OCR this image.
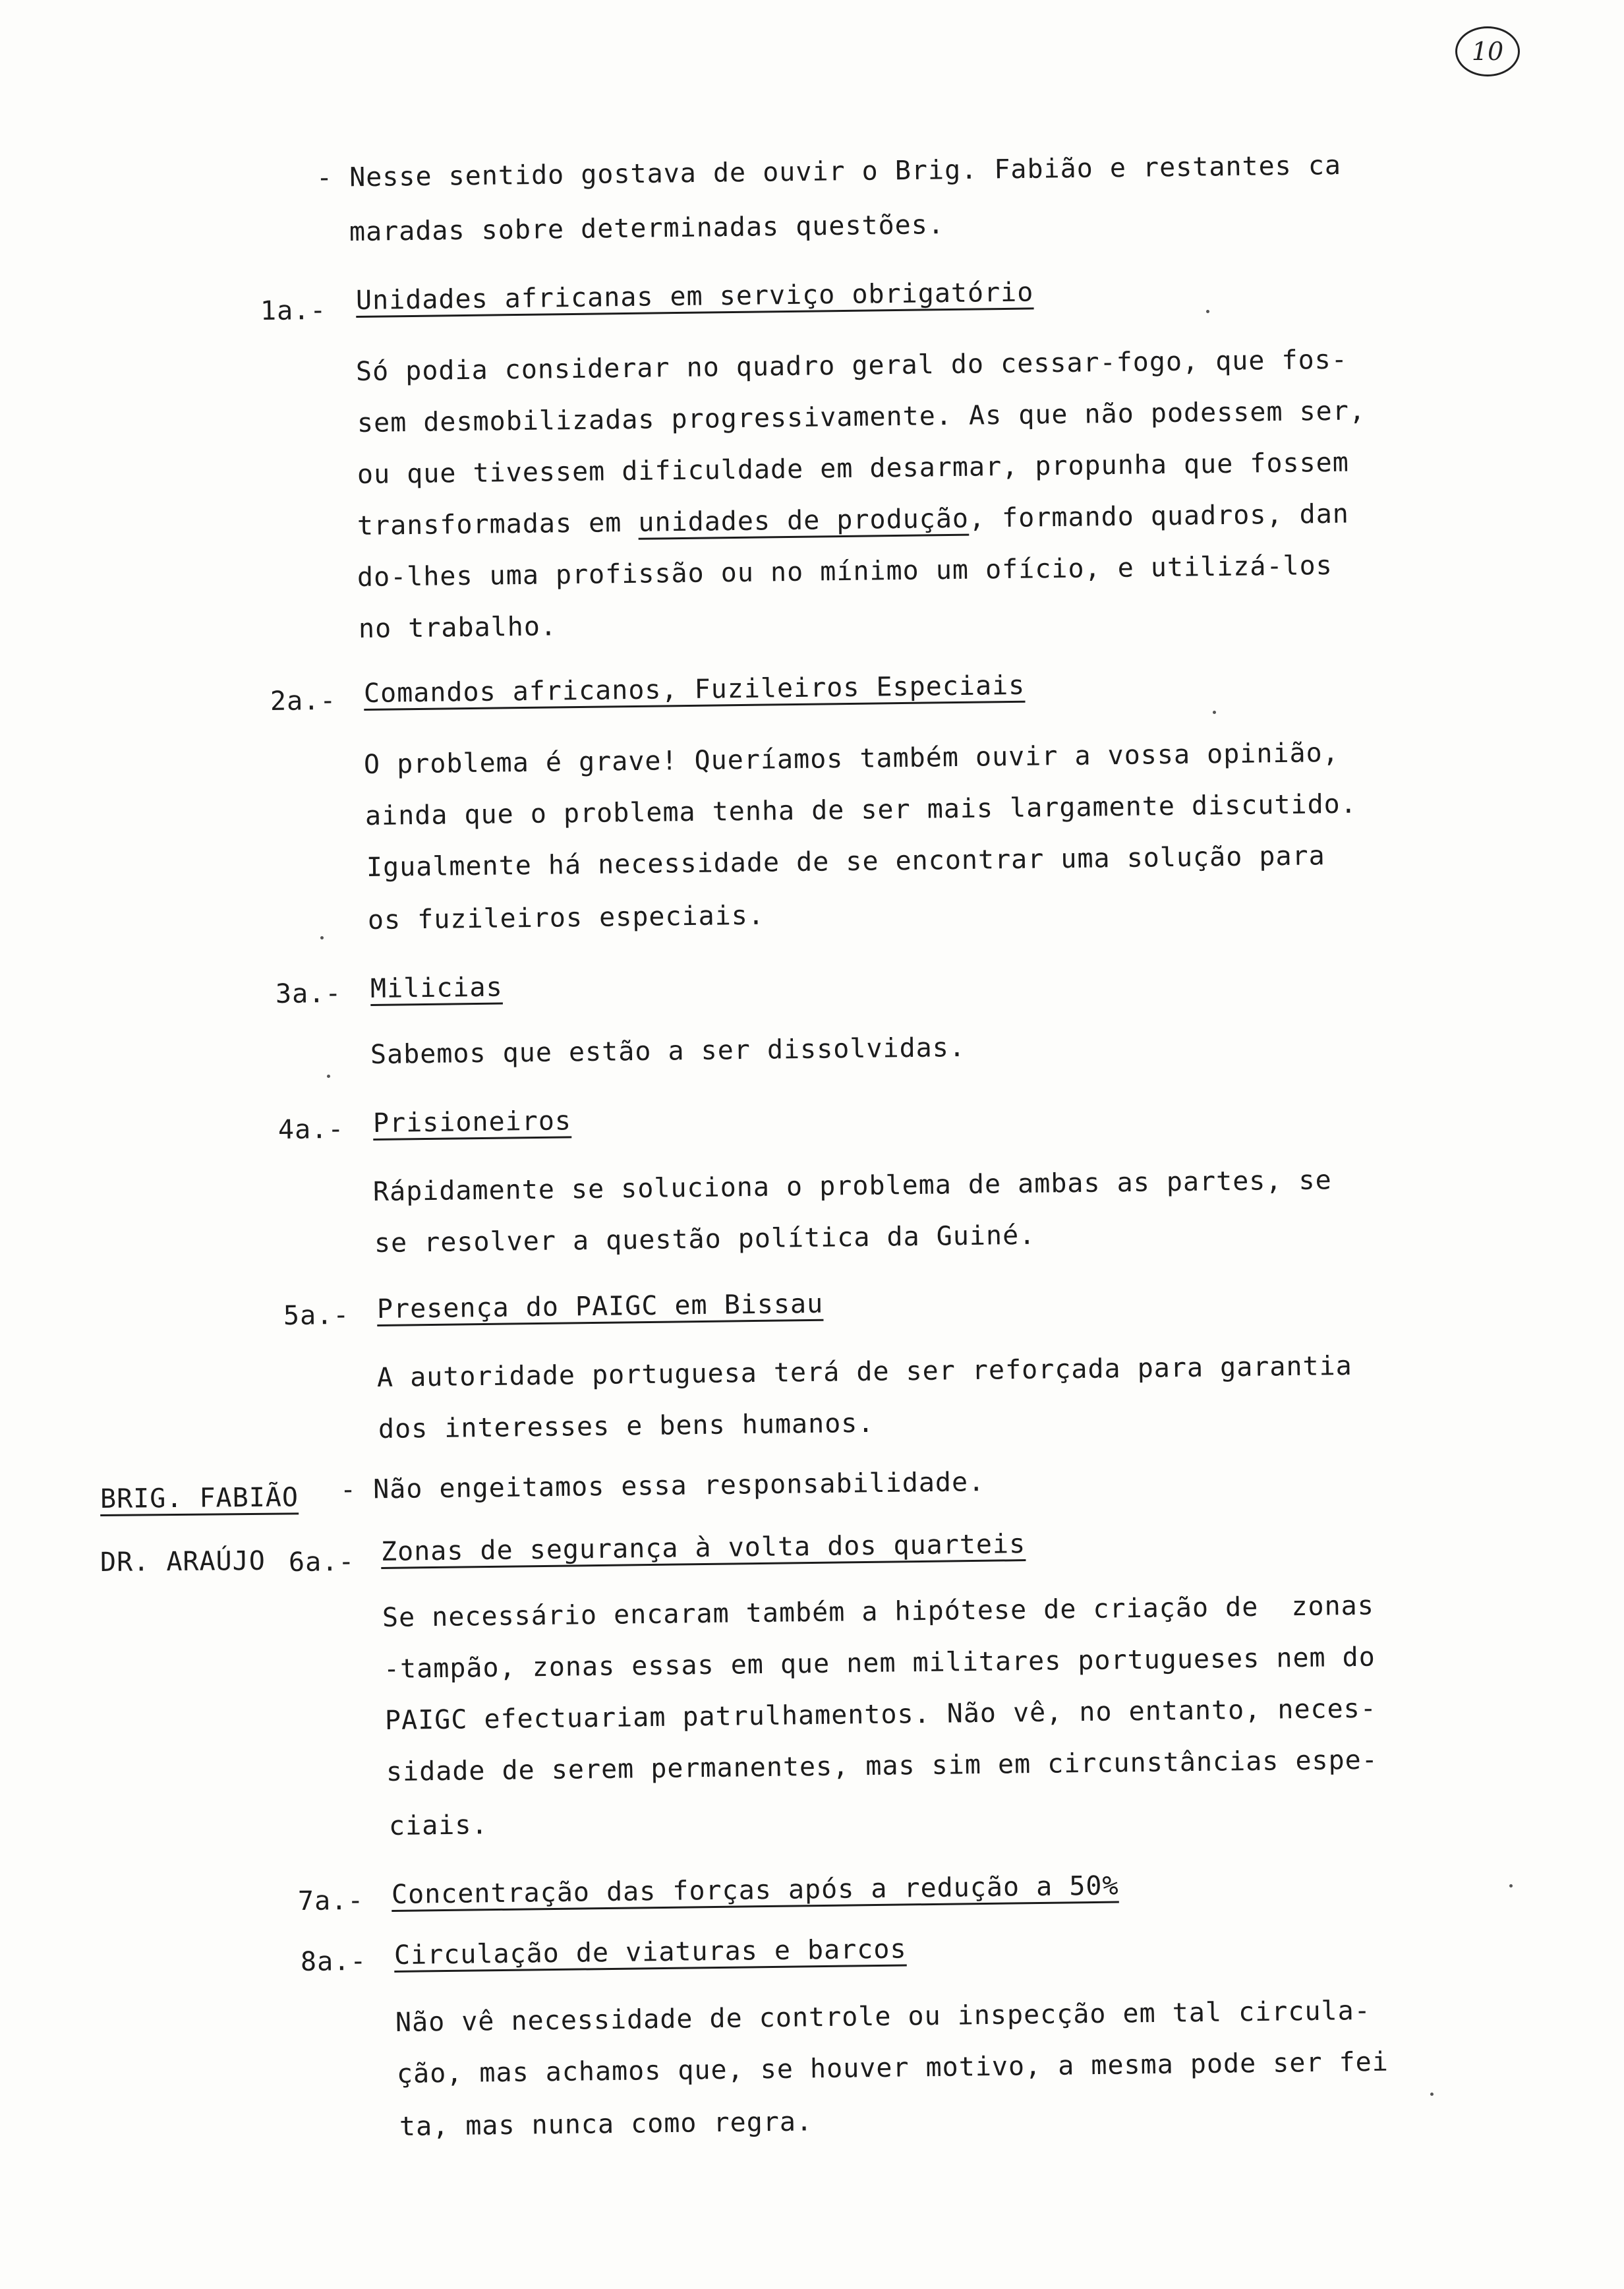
10
- Nesse sentido gostava de ouvir o Brig. Fabião e restantes ca
maradas sobre determinadas questões.
1a.- Unidades africanas em serviço obrigatório
Só podia considerar no quadro geral do cessar-fogo, que fos-
sem desmobilizadas progressivamente. As que não podessem ser,
ou que tivessem dificuldade em desarmar, propunha que fossem
transformadas em unidades de produção, formando quadros, dan
do-lhes uma profissão ou no mínimo um ofício, e utilizá-los
no trabalho.
2a.- Comandos africanos, Fuzileiros Especiais
O problema é grave! Queríamos também ouvir a vossa opinião,
ainda que o problema tenha de ser mais largamente discutido.
Igualmente há necessidade de se encontrar uma solução para
os fuzileiros especiais.
3a.- Milicias
Sabemos que estão a ser dissolvidas.
4a.- Prisioneiros
Rápidamente se soluciona o problema de ambas as partes, se
se resolver a questão política da Guiné.
5a.- Presença do PAIGC em Bissau
A autoridade portuguesa terá de ser reforçada para garantia
dos interesses e bens humanos.
BRIG. FABIÃO - Não engeitamos essa responsabilidade.
DR. ARAÚJO 6a.- Zonas de segurança à volta dos quarteis
Se necessário encaram também a hipótese de criação de  zonas
-tampão, zonas essas em que nem militares portugueses nem do
PAIGC efectuariam patrulhamentos. Não vê, no entanto, neces-
sidade de serem permanentes, mas sim em circunstâncias espe-
ciais.
7a.- Concentração das forças após a redução a 50%
8a.- Circulação de viaturas e barcos
Não vê necessidade de controle ou inspecção em tal circula-
ção, mas achamos que, se houver motivo, a mesma pode ser fei
ta, mas nunca como regra.
